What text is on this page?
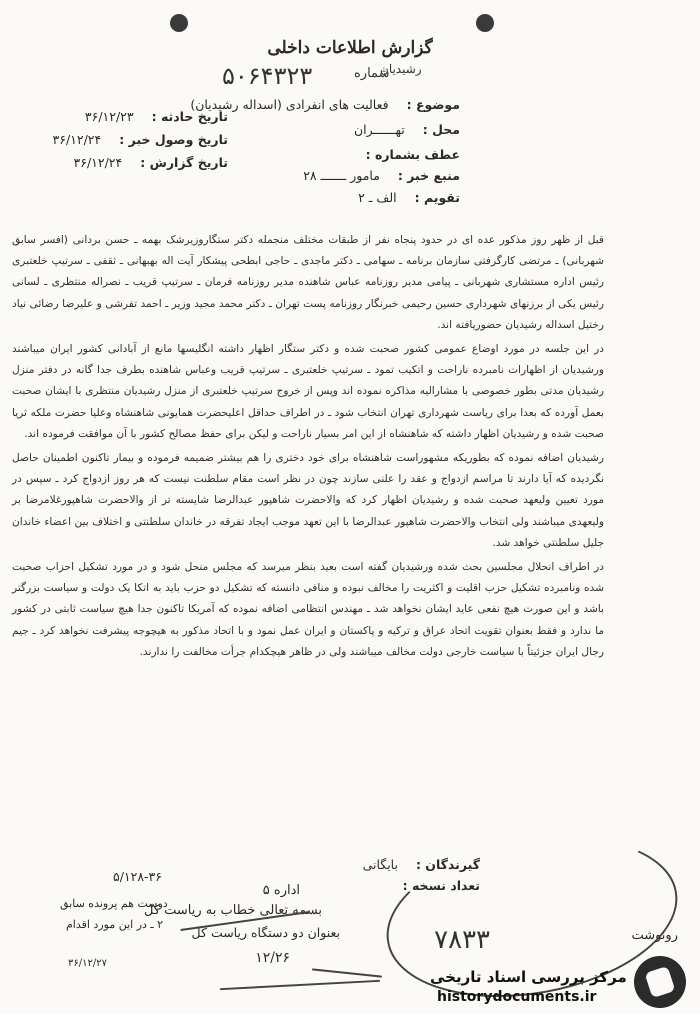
گزارش اطلاعات داخلی
۵۰۶۴۳۲۳	شماره
رشیدیان
موضوع : فعالیت های انفرادی (اسداله رشیدیان)
محل : تهــــــران
عطف بشماره :
منبع خبر : مامور ـــــــ ۲۸
تقویم : الف ـ ۲
تاریخ حادثه : ۳۶/۱۲/۲۳
تاریخ وصول خبر : ۳۶/۱۲/۲۴
تاریخ گزارش : ۳۶/۱۲/۲۴

قبل از ظهر روز مذکور عده ای در حدود پنجاه نفر از طبقات مختلف منجمله دکتر ستگاروزیرشک بهمه ـ حسن بردانی (افسر سابق شهربانی) ـ مرتضی کارگرفتی سازمان برنامه ـ سهامی ـ دکتر ماجدی ـ حاجی ابطحی پیشکار آیت اله بهبهانی ـ ثقفی ـ سرتیپ خلعتبری رئیس اداره مستشاری شهربانی ـ پیامی مدیر روزنامه عباس شاهنده مدیر روزنامه فرمان ـ سرتیپ قریب ـ نصراله منتظری ـ لسانی رئیس یکی از برزنهای شهرداری حسین رحیمی خبرنگار روزنامه پست تهران ـ دکتر محمد مجید وزیر ـ احمد تفرشی و علیرضا رضائی نیاد رختیل اسداله رشیدیان حضوریافته اند.

در این جلسه در مورد اوضاع عمومی کشور صحبت شده و دکتر ستگار اظهار داشته انگلیسها مانع از آبادانی کشور ایران میباشند ورشیدیان از اظهارات نامبرده ناراحت و اتکیب تمود ـ سرتیپ خلعتبری ـ سرتیپ قریب وعباس شاهنده بطرف جدا گانه در دفتر منزل رشیدیان مدتی بطور خصوصی با مشارالیه مذاکره نموده اند وپس از خروج سرتیپ خلعتبری از منزل رشیدیان منتظری با ایشان صحبت بعمل آورده که بعدا برای ریاست شهرداری تهران انتخاب شود ـ در اطراف حداقل اعلیحضرت همایونی شاهنشاه وعلیا حضرت ملکه ثریا صحبت شده و رشیدیان اظهار داشته که شاهنشاه از این امر بسیار ناراحت و لیکن برای حفظ مصالح کشور با آن موافقت فرموده اند.

رشیدیان اضافه نموده که بطوریکه مشهوراست شاهنشاه برای خود دختری را هم بیشتر ضمیمه فرموده و بیمار تاکنون اطمینان حاصل نگردیده که آیا دارند تا مراسم ازدواج و عقد را علنی سازند چون در نظر است مقام سلطنت نیست که هر روز ازدواج کرد ـ سپس در مورد تعیین ولیعهد صحبت شده و رشیدیان اظهار کرد که والاحضرت شاهپور عبدالرضا شایسته تر از والاحضرت شاهپورغلامرضا بر ولیعهدی میباشند ولی انتخاب والاحضرت شاهپور عبدالرضا با این تعهد موجب ایجاد تفرقه در خاندان سلطنتی و اختلاف بین اعضاء خاندان جلیل سلطنتی خواهد شد.

در اطراف انحلال مجلسین بحث شده ورشیدیان گفته است بعید بنظر میرسد که مجلس منحل شود و در مورد تشکیل احزاب صحبت شده ونامبرده تشکیل حزب اقلیت و اکثریت را مخالف نبوده و منافی دانسته که تشکیل دو حزب باید به اتکا یک دولت و سیاست بزرگتر باشد و این صورت هیچ نفعی عاید ایشان نخواهد شد ـ مهندس انتظامی اضافه نموده که آمریکا تاکنون جدا هیچ سیاست ثابتی در کشور ما ندارد و فقط بعنوان تقویت اتحاد عراق و ترکیه و پاکستان و ایران عمل نمود و با اتحاد مذکور به هیچوجه پیشرفت نخواهد کرد ـ جیم رجال ایران جزئیتاً با سیاست خارجی دولت مخالف میباشند ولی در ظاهر هیچکدام جرأت مخالفت را ندارند.

گیرندگان : بایگانی
تعداد نسخه :
۵/۱۲۸-۳۶
اداره ۵
بسمه تعالی خطاب به ریاست کل
بعنوان دو دستگاه ریاست کل
۱۲/۲۶
دوست هم پرونده سابق
۲ ـ در این مورد اقدام
۳۶/۱۲/۲۷
۷۸۳۳	رونوشت
مرکز بررسی اسناد تاریخی
historydocuments.ir
